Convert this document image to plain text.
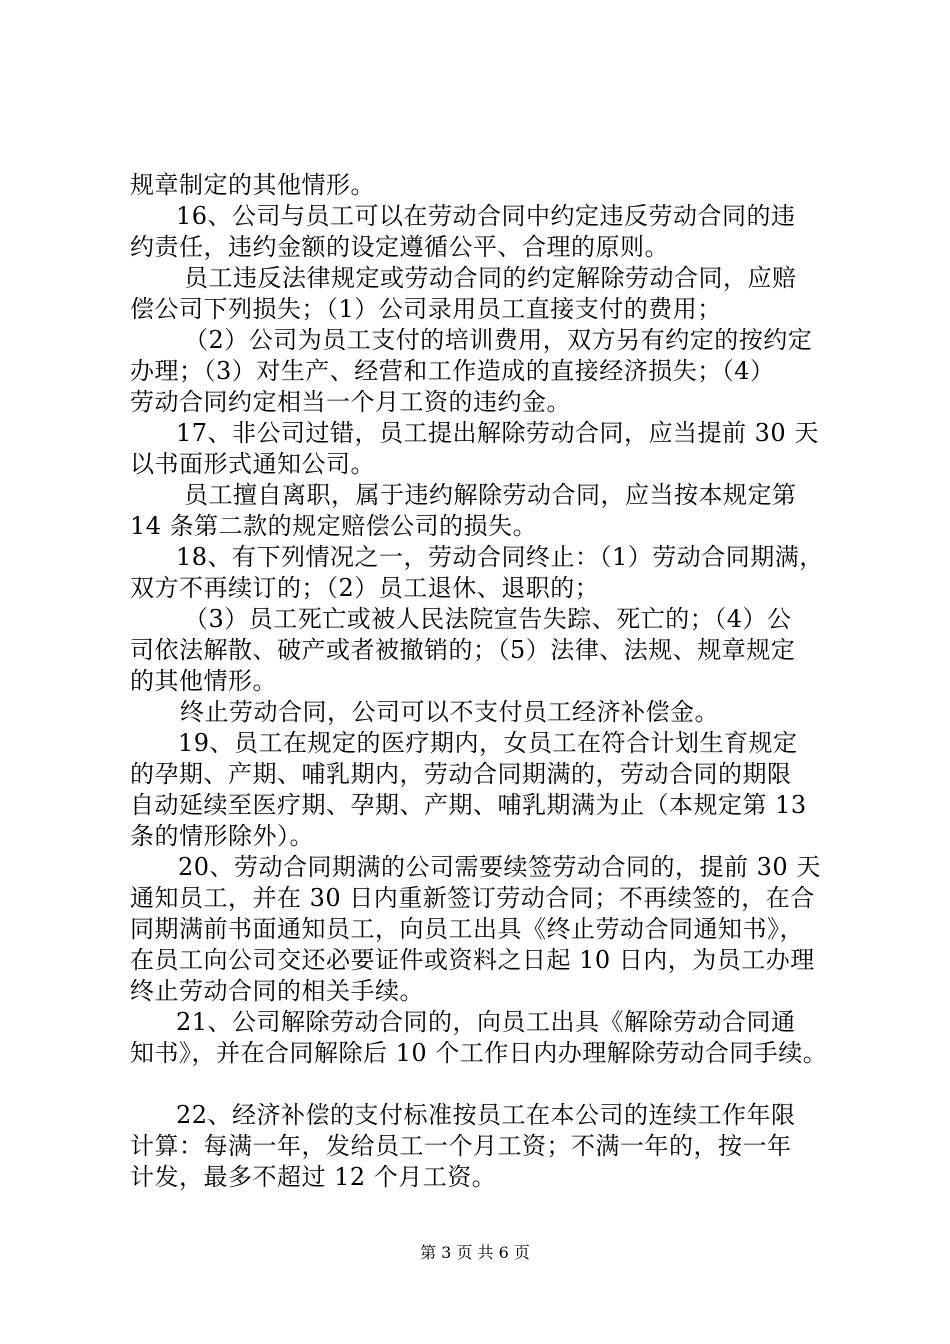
规章制定的其他情形。
16、公司与员工可以在劳动合同中约定违反劳动合同的违
约责任，违约金额的设定遵循公平、合理的原则。
员工违反法律规定或劳动合同的约定解除劳动合同，应赔
偿公司下列损失；（1）公司录用员工直接支付的费用；
（2）公司为员工支付的培训费用，双方另有约定的按约定
办理；（3）对生产、经营和工作造成的直接经济损失；（4）
劳动合同约定相当一个月工资的违约金。
17、非公司过错，员工提出解除劳动合同，应当提前 30 天
以书面形式通知公司。
员工擅自离职，属于违约解除劳动合同，应当按本规定第
14 条第二款的规定赔偿公司的损失。
18、有下列情况之一，劳动合同终止：（1）劳动合同期满，
双方不再续订的；（2）员工退休、退职的；
（3）员工死亡或被人民法院宣告失踪、死亡的；（4）公
司依法解散、破产或者被撤销的；（5）法律、法规、规章规定
的其他情形。
终止劳动合同，公司可以不支付员工经济补偿金。
19、员工在规定的医疗期内，女员工在符合计划生育规定
的孕期、产期、哺乳期内，劳动合同期满的，劳动合同的期限
自动延续至医疗期、孕期、产期、哺乳期满为止（本规定第 13
条的情形除外）。
20、劳动合同期满的公司需要续签劳动合同的，提前 30 天
通知员工，并在 30 日内重新签订劳动合同；不再续签的，在合
同期满前书面通知员工，向员工出具《终止劳动合同通知书》，
在员工向公司交还必要证件或资料之日起 10 日内，为员工办理
终止劳动合同的相关手续。
21、公司解除劳动合同的，向员工出具《解除劳动合同通
知书》，并在合同解除后 10 个工作日内办理解除劳动合同手续。
22、经济补偿的支付标准按员工在本公司的连续工作年限
计算：每满一年，发给员工一个月工资；不满一年的，按一年
计发，最多不超过 12 个月工资。
第 3 页 共 6 页
